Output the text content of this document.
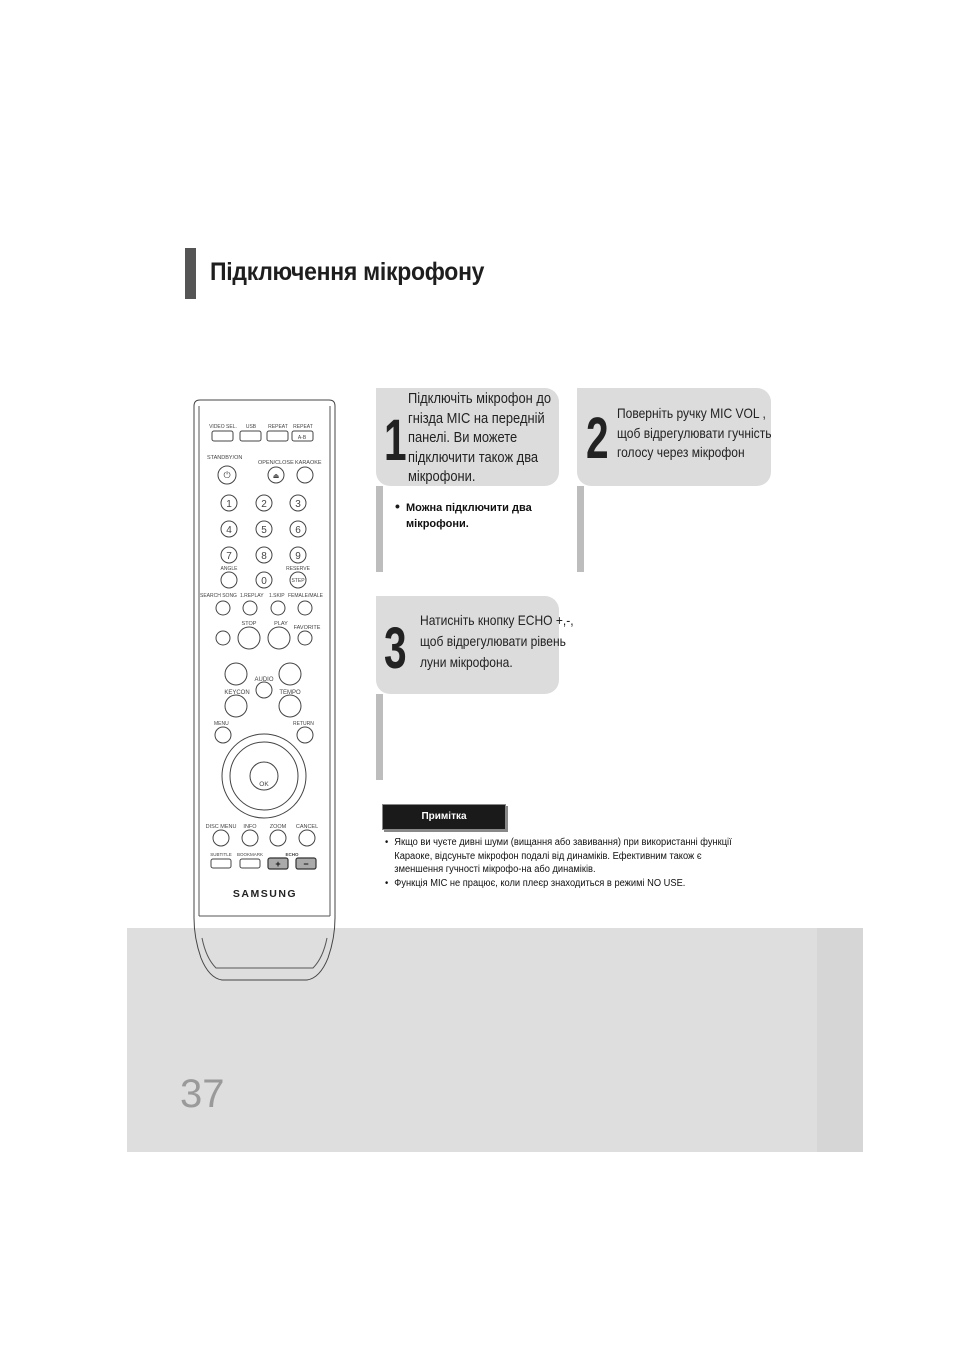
Підключення мікрофону
37
VIDEO SEL. USB REPEAT REPEAT
A-B
STANDBY/ON
OPEN/CLOSE KARAOKE
⏻	⏏
1	2	3
4	5	6
7	8	9
0
ANGLE	RESERVE
STEP
SEARCH SONG 1.REPLAY 1.SKIP FEMALE/MALE
STOP	PLAY
FAVORITE
AUDIO
KEYCON	TEMPO
MENU	RETURN
OK
DISC MENU INFO ZOOM CANCEL
SUBTITLE BOOKMARK	ECHO
+	−
SAMSUNG
1
Підключіть мікрофон до
гнізда MIC на передній
панелі. Ви можете
підключити також два
мікрофони.
• Можна підключити два
мікрофони.
2 Поверніть ручку MIC VOL ,
щоб відрегулювати гучність
голосу через мікрофон
3 Натисніть кнопку ECHO +,-,
щоб відрегулювати рівень
луни мікрофона.
Примітка
• Якщо ви чуєте дивні шуми (вищання або завивання) при використанні функції
Караоке, відсуньте мікрофон подалі від динаміків. Ефективним також є
зменшення гучності мікрофо-на або динаміків.
• Функція MIC не працює, коли плеєр знаходиться в режимі NO USE.
